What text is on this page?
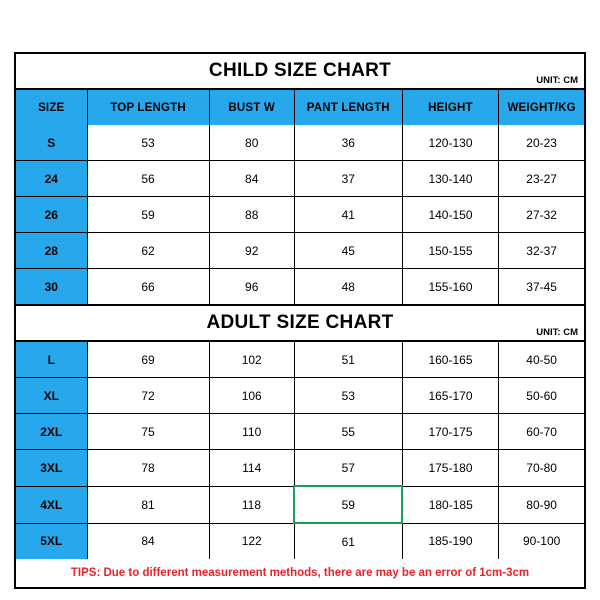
CHILD SIZE CHART	UNIT: CM
SIZE	TOP LENGTH	BUST W	PANT LENGTH	HEIGHT	WEIGHT/KG
S	53	80	36	120-130	20-23
24	56	84	37	130-140	23-27
26	59	88	41	140-150	27-32
28	62	92	45	150-155	32-37
30	66	96	48	155-160	37-45
ADULT SIZE CHART	UNIT: CM
L	69	102	51	160-165	40-50
XL	72	106	53	165-170	50-60
2XL	75	110	55	170-175	60-70
3XL	78	114	57	175-180	70-80
4XL	81	118	59	180-185	80-90
5XL	84	122	61	185-190	90-100
TIPS: Due to different measurement methods, there are may be an error of 1cm-3cm
